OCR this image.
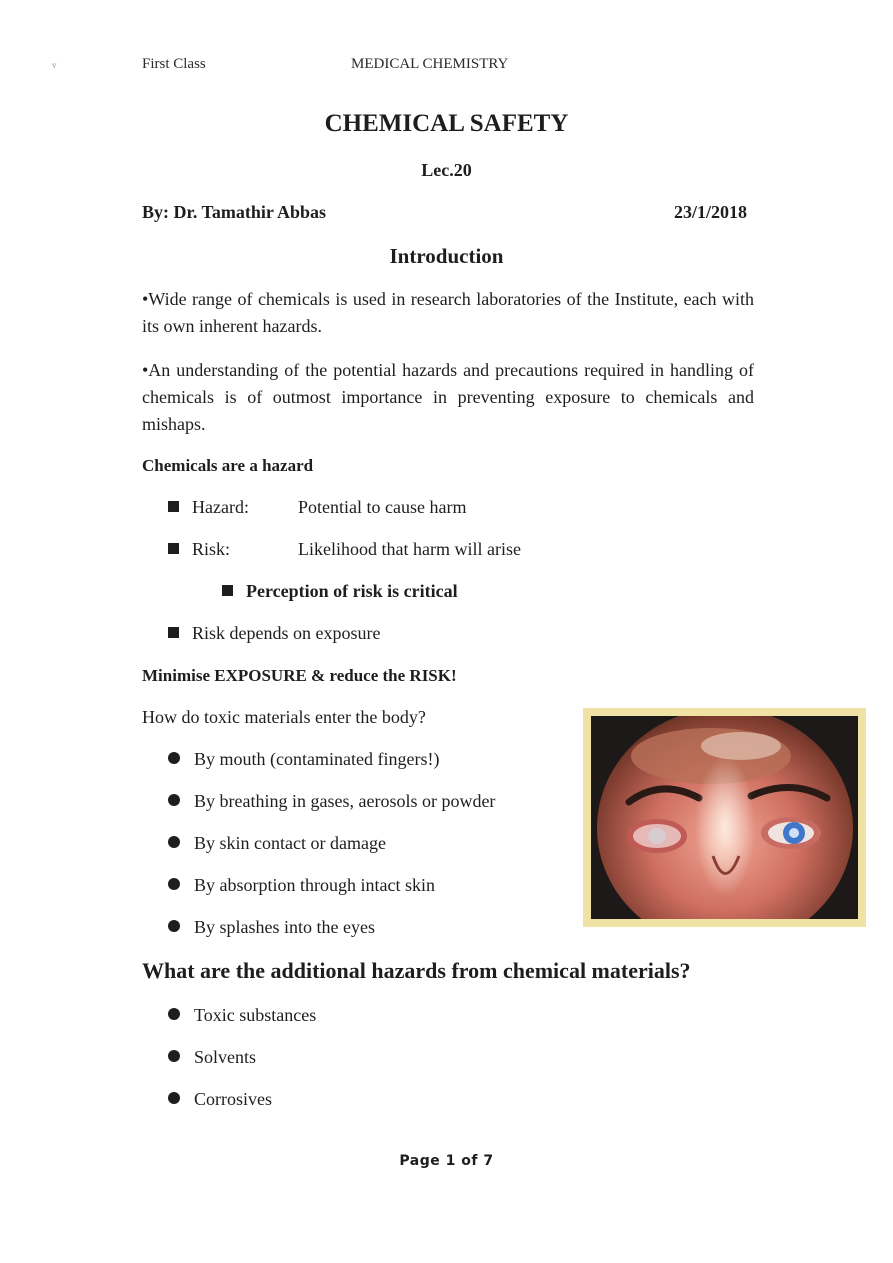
v	First Class	MEDICAL CHEMISTRY
CHEMICAL SAFETY
Lec.20
By: Dr. Tamathir Abbas	23/1/2018
Introduction
•Wide range of chemicals is used in research laboratories of the Institute, each with its own inherent hazards.
•An understanding of the potential hazards and precautions required in handling of chemicals is of outmost importance in preventing exposure to chemicals and mishaps.
Chemicals are a hazard
Hazard:	Potential to cause harm
Risk:	Likelihood that harm will arise
Perception of risk is critical
Risk depends on exposure
Minimise EXPOSURE & reduce the RISK!
How do toxic materials enter the body?
By mouth (contaminated fingers!)
By breathing in gases, aerosols or powder
By skin contact or damage
By absorption through intact skin
By splashes into the eyes
What are the additional hazards from chemical materials?
Toxic substances
Solvents
Corrosives
Page 1 of 7
